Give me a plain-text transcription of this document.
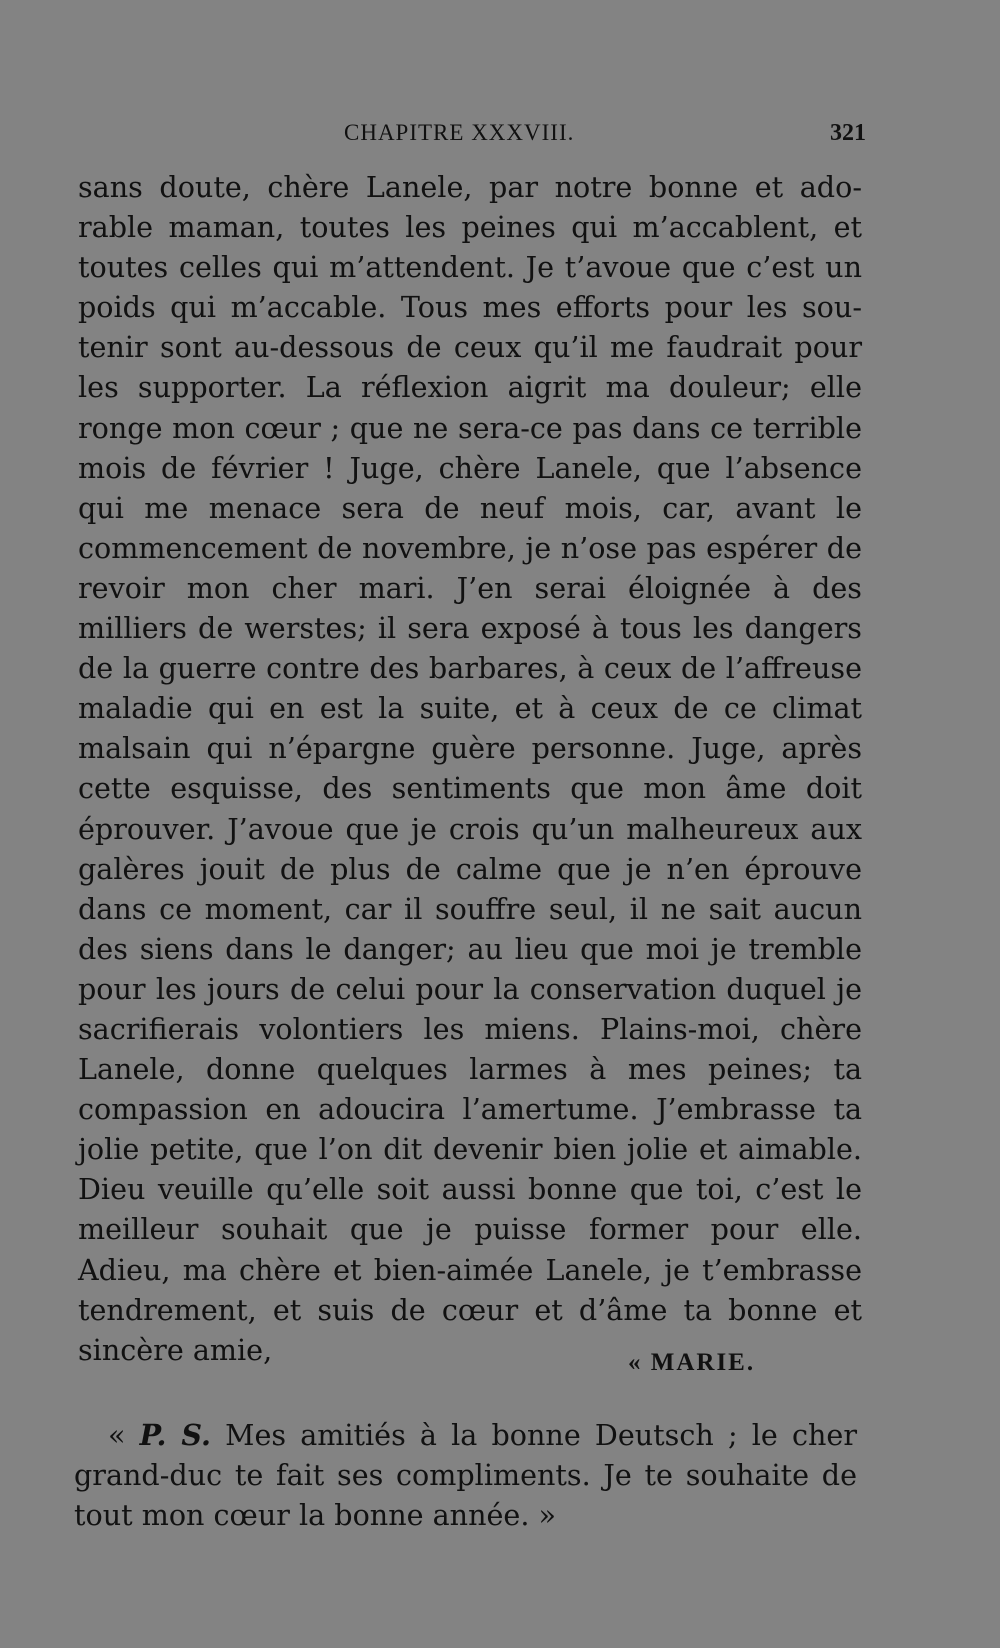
CHAPITRE XXXVIII.	321

sans doute, chère Lanele, par notre bonne et adorable maman, toutes les peines qui m’accablent, et toutes celles qui m’attendent. Je t’avoue que c’est un poids qui m’accable. Tous mes efforts pour les soutenir sont au-dessous de ceux qu’il me faudrait pour les supporter. La réflexion aigrit ma douleur; elle ronge mon cœur ; que ne sera-ce pas dans ce terrible mois de février ! Juge, chère Lanele, que l’absence qui me menace sera de neuf mois, car, avant le commencement de novembre, je n’ose pas espérer de revoir mon cher mari. J’en serai éloignée à des milliers de werstes; il sera exposé à tous les dangers de la guerre contre des barbares, à ceux de l’affreuse maladie qui en est la suite, et à ceux de ce climat malsain qui n’épargne guère personne. Juge, après cette esquisse, des sentiments que mon âme doit éprouver. J’avoue que je crois qu’un malheureux aux galères jouit de plus de calme que je n’en éprouve dans ce moment, car il souffre seul, il ne sait aucun des siens dans le danger; au lieu que moi je tremble pour les jours de celui pour la conservation duquel je sacrifierais volontiers les miens. Plains-moi, chère Lanele, donne quelques larmes à mes peines; ta compassion en adoucira l’amertume. J’embrasse ta jolie petite, que l’on dit devenir bien jolie et aimable. Dieu veuille qu’elle soit aussi bonne que toi, c’est le meilleur souhait que je puisse former pour elle. Adieu, ma chère et bien-aimée Lanele, je t’embrasse tendrement, et suis de cœur et d’âme ta bonne et sincère amie,	« MARIE.

« P. S. Mes amitiés à la bonne Deutsch ; le cher grand-duc te fait ses compliments. Je te souhaite de tout mon cœur la bonne année. »
